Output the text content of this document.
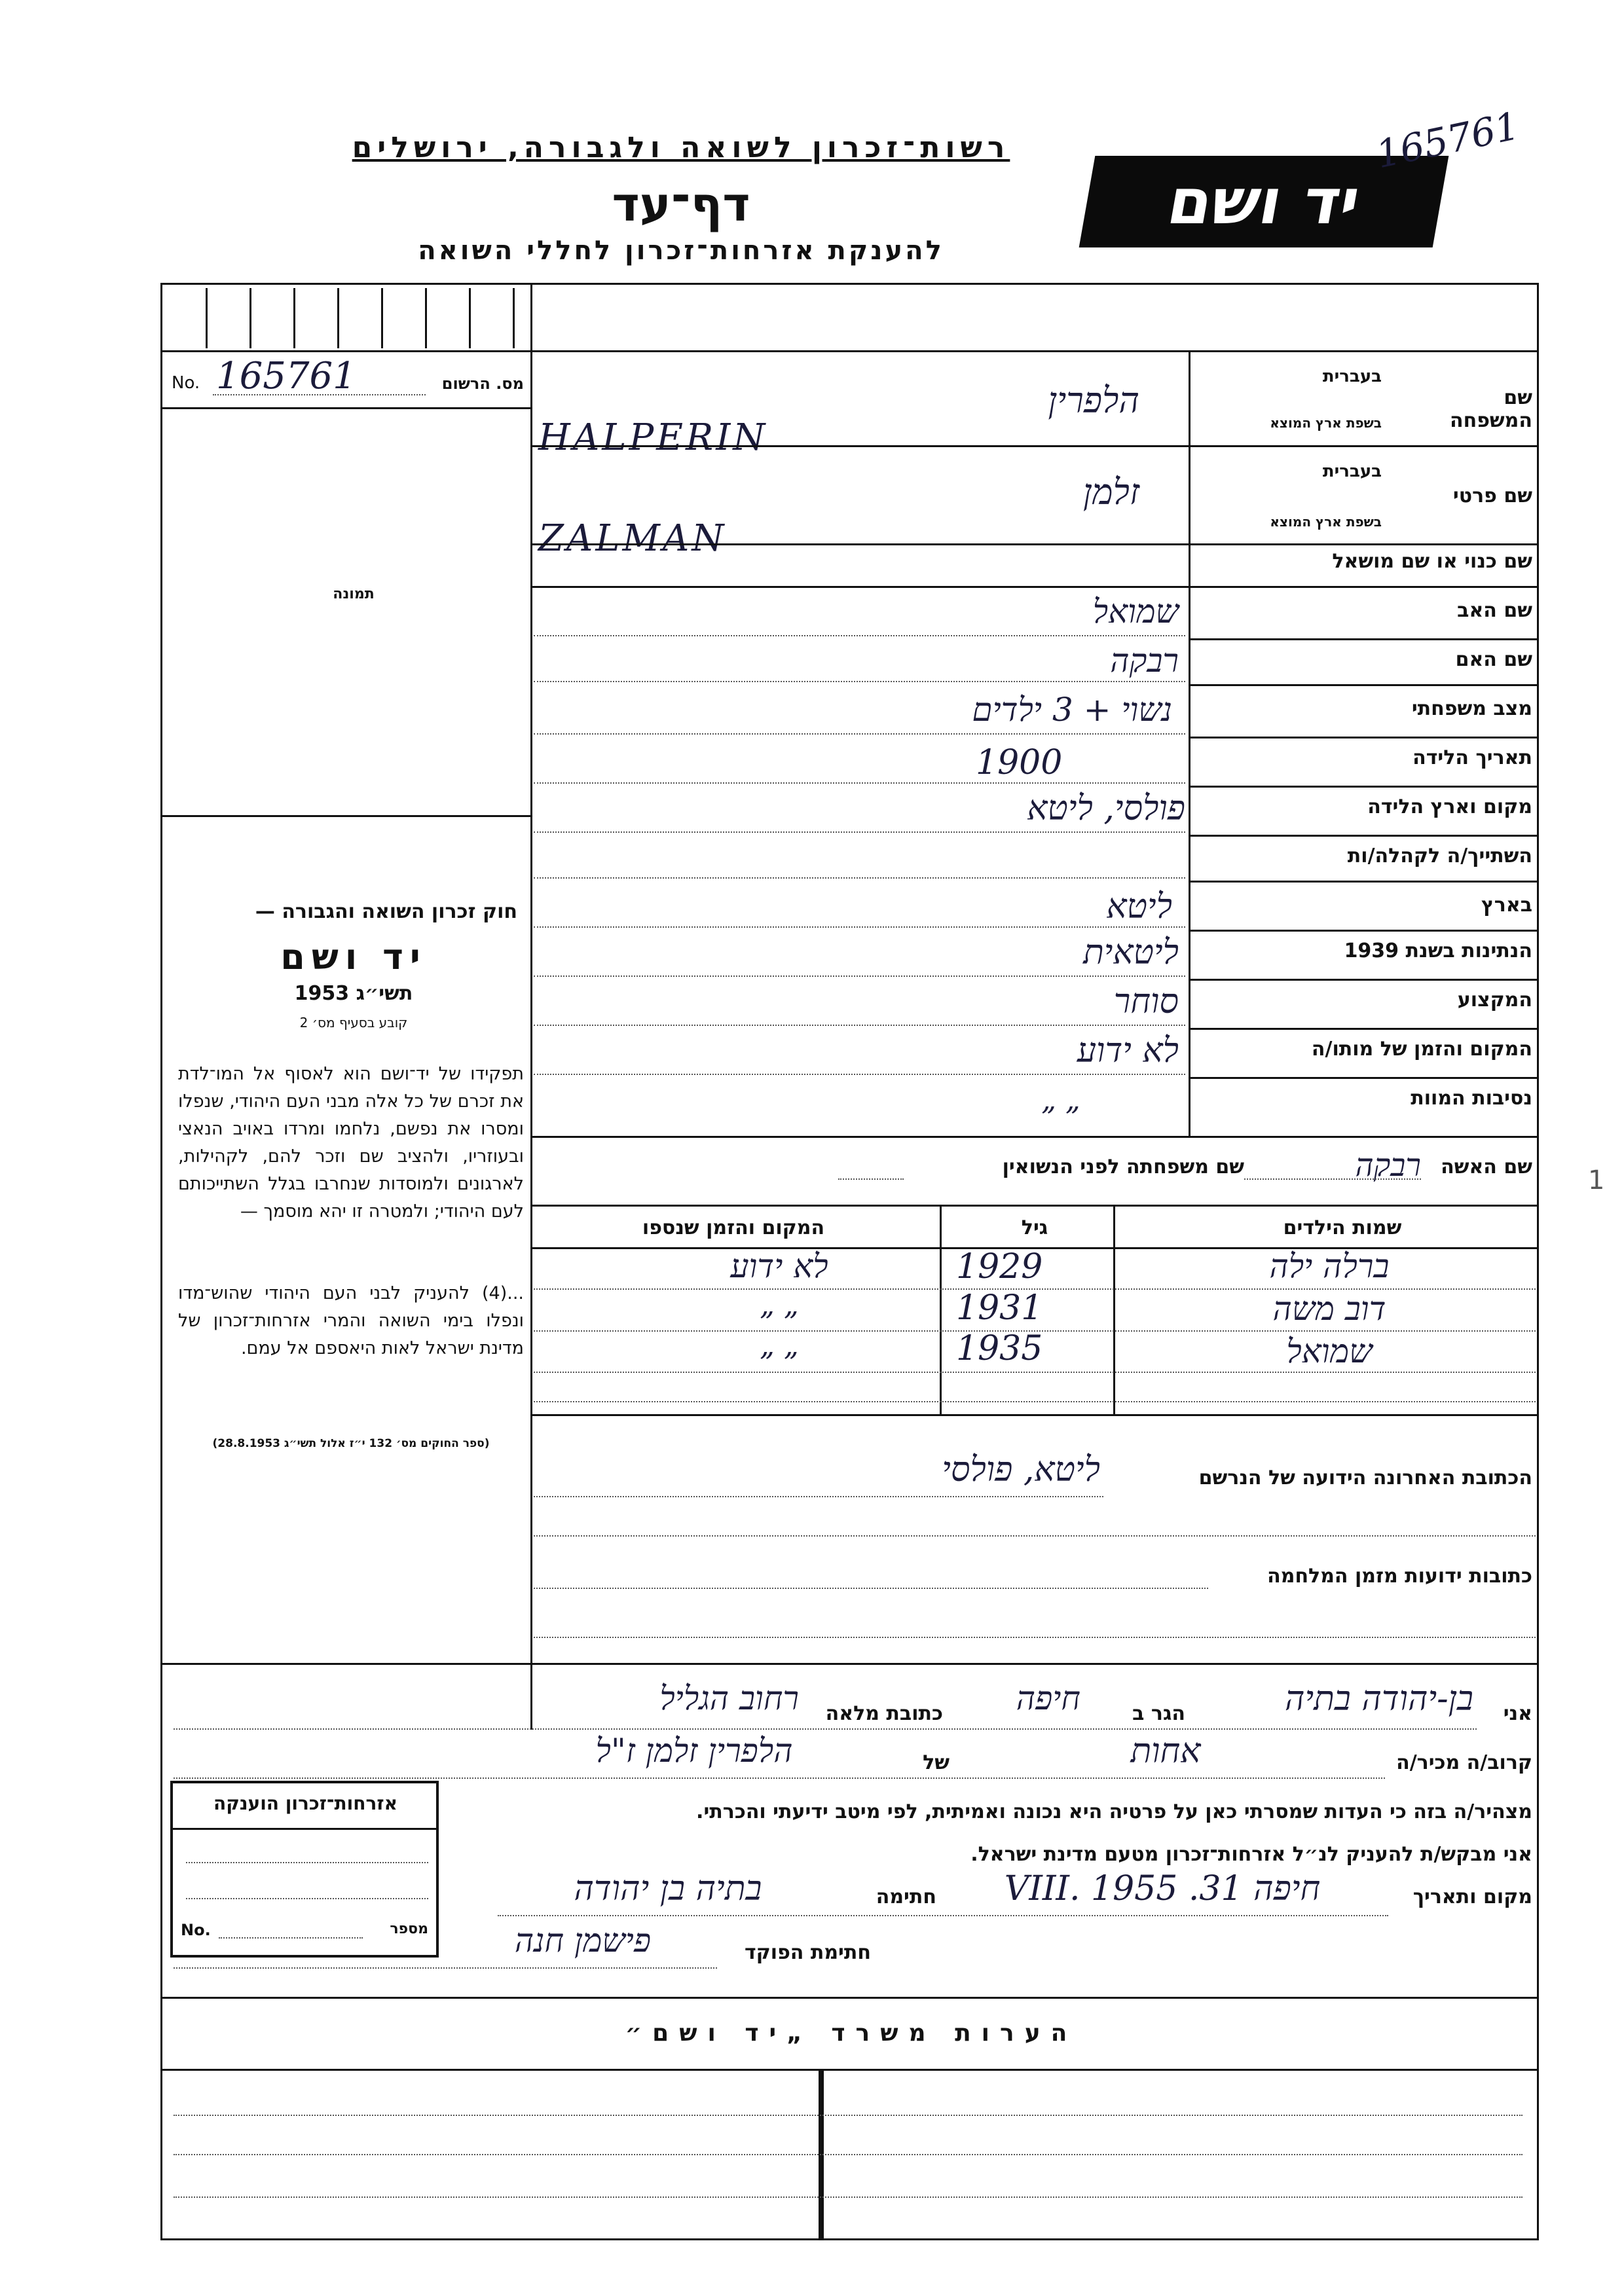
רשות־זכרון לשואה ולגבורה, ירושלים
דף־עד
להענקת אזרחות־זכרון לחללי השואה
יד ושם
165761
No. 165761	מס. הרשום
תמונה
חוק זכרון השואה והגבורה —
יד ושם
תשי״ג 1953
קובע בסעיף מס׳ 2
תפקידו של יד־ושם הוא לאסוף אל המו־לדת את זכרם של כל אלה מבני העם היהודי, שנפלו ומסרו את נפשם, נלחמו ומרדו באויב הנאצי ובעוזריו, ולהציב שם וזכר להם, לקהילות, לארגונים ולמוסדות שנחרבו בגלל השתייכותם לעם היהודי; ולמטרה זו יהא מוסמך —
...(4) להעניק לבני העם היהודי שהוש־מדו ונפלו בימי השואה והמרי אזרחות־זכרון של מדינת ישראל לאות היאספם אל עמם.
(ספר החוקים מס׳ 132 י״ז אלול תשי״ג 28.8.1953)
שם המשפחה
בעברית
בשפת ארץ המוצא
הלפרין
HALPERIN
שם פרטי
בעברית
בשפת ארץ המוצא
זלמן
ZALMAN
שם כנוי או שם מושאל
שם האב
שמואל
שם האם
רבקה
מצב משפחתי
נשוי + 3 ילדים
תאריך הלידה
1900
מקום וארץ הלידה
פולסי, ליטא
השתייך/ה לקהלה/ות
בארץ
ליטא
הנתינות בשנת 1939
ליטאית
המקצוע
סוחר
המקום והזמן של מותו/ה
לא ידוע
נסיבות המוות
„ „
שם האשה
רבקה
שם משפחתה לפני הנשואין
שמות הילדים
גיל
המקום והזמן שנספו
ברלה ילה
1929
לא ידוע
דוב משה
1931
„ „
שמואל
1935
„ „
הכתובת האחרונה הידועה של הנרשם
ליטא, פולסי
כתובות ידועות מזמן המלחמה
אני
בן-יהודה בתיה
הגר ב
חיפה
כתובת מלאה
רחוב הגליל
קרוב/ה מכיר/ה
אחות
של
הלפרין זלמן ז"ל
מצהיר/ה בזה כי העדות שמסרתי כאן על פרטיה היא נכונה ואמיתית, לפי מיטב ידיעתי והכרתי.
אני מבקש/ת להעניק לנ״ל אזרחות־זכרון מטעם מדינת ישראל.
מקום ותאריך
חיפה 31. VIII. 1955
חתימה
בתיה בן יהודה
חתימת הפוקד
פישמן חנה
אזרחות־זכרון הוענקה
No.	מספר
הערות משרד „יד ושם״
1
